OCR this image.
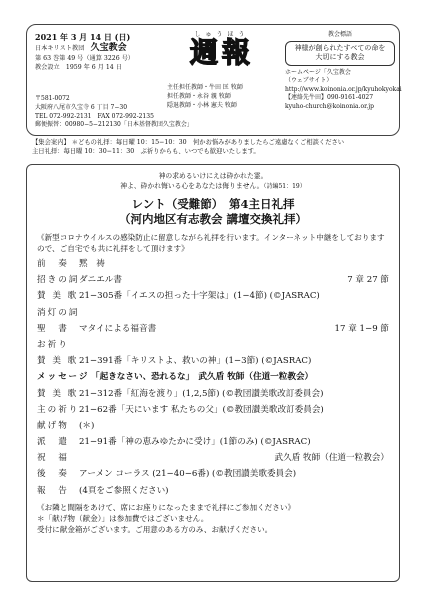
2021 年 3 月 14 日 (日)
日本キリスト教団　 久宝教会
第 63 巻第 49 号（通算 3226 号）
教会設立　1959 年 6 月 14 日
しゅうほう
週報
主任担任教師・牛田 匡 牧師
担任教師・永谷 親 牧師
隠退教師・小林 憲夫 牧師
教会標語
神様が創られたすべての命を
大切にする教会
ホームページ「久宝教会
（ウェブサイト）
http://www.koinonia.or.jp/kyuhokyokai
【連絡先牛田】090-9161-4027
kyuho-church@koinonia.or.jp
〒581-0072
大阪府八尾市久宝寺 6 丁目 7−30
TEL 072-992-2131　FAX 072-992-2135
郵便振替：00980−5−212130「日本基督教団久宝教会」
【集会案内】 ＊どもの礼拝：毎日曜 10：15−10：30　何かお悩みがありましたらご遠慮なくご相談ください
主日礼拝：毎日曜 10：30−11：30　ぶ祈りからも、いつでも歓迎いたします。
神の求めるいけにえは砕かれた霊。
神よ、砕かれ悔いる心をあなたは侮りません。（詩編51：19）
レント（受難節）　第4主日礼拝
（河内地区有志教会 講壇交換礼拝）
《新型コロナウイルスの感染防止に留意しながら礼拝を行います。インターネット中継をしておりますので、ご自宅でも共に礼拝をして頂けます》
前　奏	黙　祷
招きの詞 ダニエル書	7 章 27 節
賛 美 歌 21−305番「イエスの担った十字架は」(1−4節) (©JASRAC)
消灯の詞
聖　書	マタイによる福音書	17 章 1−9 節
お祈り
賛 美 歌 21−391番「キリストよ、救いの神」(1−3節) (©JASRAC)
メッセージ 「起きなさい、恐れるな」　武久盾 牧師（住道一粒教会）
賛 美 歌 21−312番「紅海を渡り」(1,2,5節) (©教団讃美歌改訂委員会)
主の祈り 21−62番「天にいます 私たちの父」(©教団讃美歌改訂委員会)
献げ物	(＊)
派　遣	21−91番「神の恵みゆたかに受け」(1節のみ) (©JASRAC)
祝　福	武久盾 牧師（住道一粒教会）
後　奏	アーメン コーラス (21−40−6番) (©教団讃美歌委員会)
報　告	(4頁をご参照ください)
《お隣と間隔をあけて、席にお座りになったままで礼拝にご参加ください》
＊「献げ物（献金）」は参加費ではございません。
受付に献金箱がございます。ご用意のある方のみ、お献げください。
